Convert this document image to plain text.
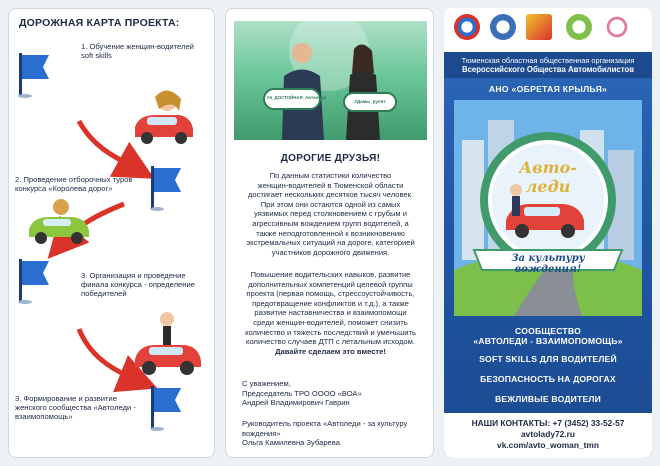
ДОРОЖНАЯ КАРТА ПРОЕКТА:
1. Обучение женщин-водителей
soft skills
2. Проведение отборочных туров
конкурса «Королева дорог»
3. Организация и проведение
финала конкурса - определение
победителей
3. Формирование и развитие
женского сообщества «Автоледи -
взаимопомощь»
#я_ДОСТОЙНАЯ_Автоледи
#Дамы_рулят
ДОРОГИЕ ДРУЗЬЯ!
По данным статистики количество
женщин-водителей в Тюменской области
достигает нескольких десятков тысяч человек.
При этом они остаются одной из самых
уязвимых перед столкновением с грубым и
агрессивным вождением групп водителей, а
также неподготовленной к возникновению
экстремальных ситуаций на дороге, категорией
участников дорожного движения.
Повышение водительских навыков, развитие
дополнительных компетенций целевой группы
проекта (первая помощь, стрессоустойчивость,
предотвращение конфликтов и т.д.), а также
развитие наставничества и взаимопомощи
среди женщин-водителей, поможет снизить
количество и тяжесть последствий и уменьшить
количество случаев ДТП с летальным исходом.
Давайте сделаем это вместе!
С уважением,
Председатель ТРО ОООО «ВОА»
Андрей Владимирович Гаврин
Руководитель проекта «Автоледи - за культуру
вождения»
Ольга Камилевна Зубарева
Тюменская областная общественная организация
Всероссийского Общества Автомобилистов
АНО «ОБРЕТАЯ КРЫЛЬЯ»
Авто-леди
За культуру вождения!
СООБЩЕСТВО
«АВТОЛЕДИ - ВЗАИМОПОМОЩЬ»
SOFT SKILLS ДЛЯ ВОДИТЕЛЕЙ
БЕЗОПАСНОСТЬ НА ДОРОГАХ
ВЕЖЛИВЫЕ ВОДИТЕЛИ
НАШИ КОНТАКТЫ: +7 (3452) 33-52-57
avtolady72.ru
vk.com/avto_woman_tmn
